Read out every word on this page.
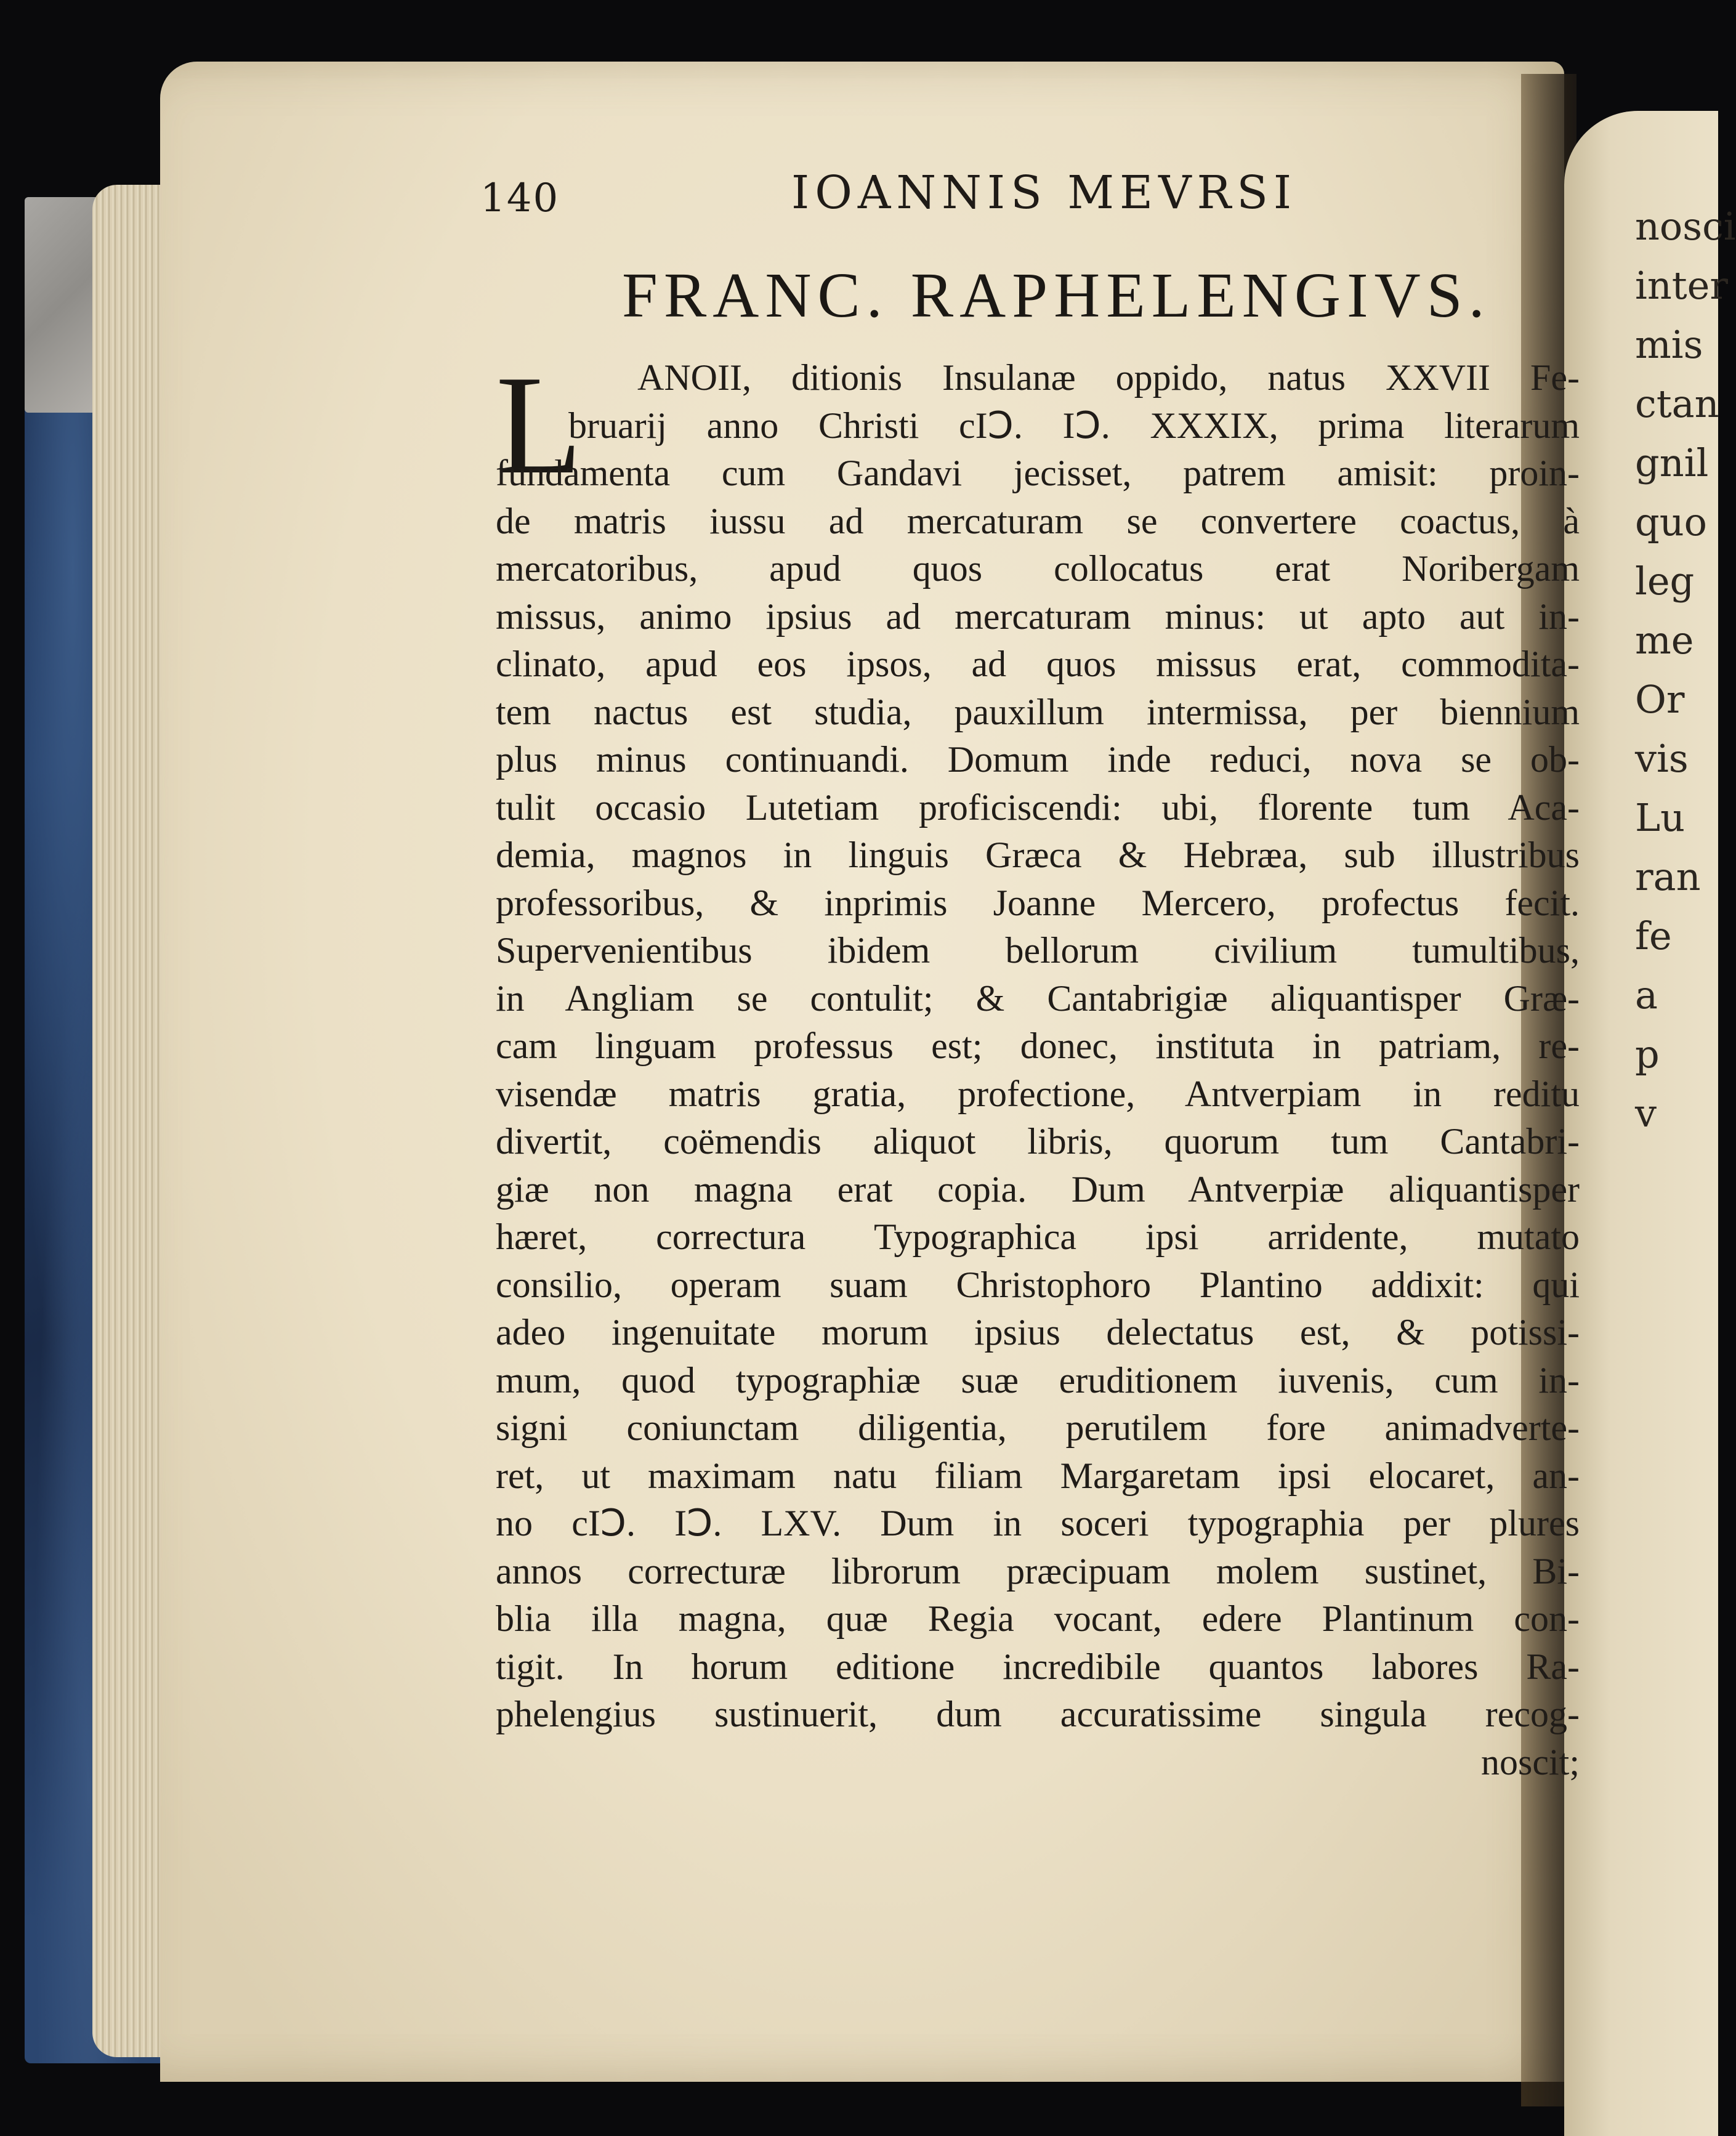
nosci
inter
mis
ctan
gnil
quo
leg
me
Or
vis
Lu
ran
fe
a
p
v
140	IOANNIS MEVRSI
FRANC. RAPHELENGIVS.
L	ANOII, ditionis Insulanæ oppido, natus XXVII Fe-
bruarij anno Christi cIↃ. IↃ. XXXIX, prima literarum
fundamenta cum Gandavi jecisset, patrem amisit: proin-
de matris iussu ad mercaturam se convertere coactus, à
mercatoribus, apud quos collocatus erat Noribergam
missus, animo ipsius ad mercaturam minus: ut apto aut in-
clinato, apud eos ipsos, ad quos missus erat, commodita-
tem nactus est studia, pauxillum intermissa, per biennium
plus minus continuandi. Domum inde reduci, nova se ob-
tulit occasio Lutetiam proficiscendi: ubi, florente tum Aca-
demia, magnos in linguis Græca & Hebræa, sub illustribus
professoribus, & inprimis Joanne Mercero, profectus fecit.
Supervenientibus ibidem bellorum civilium tumultibus,
in Angliam se contulit; & Cantabrigiæ aliquantisper Græ-
cam linguam professus est; donec, instituta in patriam, re-
visendæ matris gratia, profectione, Antverpiam in reditu
divertit, coëmendis aliquot libris, quorum tum Cantabri-
giæ non magna erat copia. Dum Antverpiæ aliquantisper
hæret, correctura Typographica ipsi arridente, mutato
consilio, operam suam Christophoro Plantino addixit: qui
adeo ingenuitate morum ipsius delectatus est, & potissi-
mum, quod typographiæ suæ eruditionem iuvenis, cum in-
signi coniunctam diligentia, perutilem fore animadverte-
ret, ut maximam natu filiam Margaretam ipsi elocaret, an-
no cIↃ. IↃ. LXV. Dum in soceri typographia per plures
annos correcturæ librorum præcipuam molem sustinet, Bi-
blia illa magna, quæ Regia vocant, edere Plantinum con-
tigit. In horum editione incredibile quantos labores Ra-
phelengius sustinuerit, dum accuratissime singula recog-
noscit;
